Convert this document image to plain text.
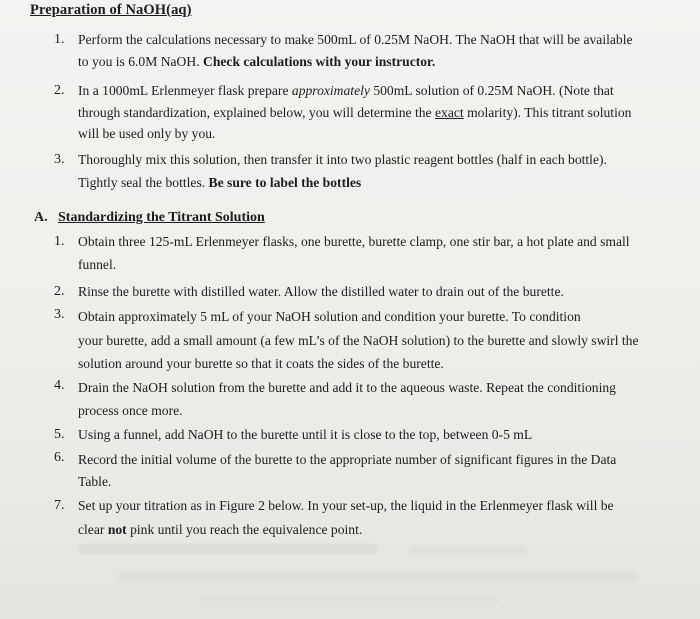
Preparation of NaOH(aq)
1. Perform the calculations necessary to make 500mL of 0.25M NaOH. The NaOH that will be available
to you is 6.0M NaOH. Check calculations with your instructor.
2. In a 1000mL Erlenmeyer flask prepare approximately 500mL solution of 0.25M NaOH. (Note that
through standardization, explained below, you will determine the exact molarity). This titrant solution
will be used only by you.
3. Thoroughly mix this solution, then transfer it into two plastic reagent bottles (half in each bottle).
Tightly seal the bottles. Be sure to label the bottles
A. Standardizing the Titrant Solution
1. Obtain three 125-mL Erlenmeyer flasks, one burette, burette clamp, one stir bar, a hot plate and small
funnel.
2. Rinse the burette with distilled water. Allow the distilled water to drain out of the burette.
3. Obtain approximately 5 mL of your NaOH solution and condition your burette. To condition
your burette, add a small amount (a few mL’s of the NaOH solution) to the burette and slowly swirl the
solution around your burette so that it coats the sides of the burette.
4. Drain the NaOH solution from the burette and add it to the aqueous waste. Repeat the conditioning
process once more.
5. Using a funnel, add NaOH to the burette until it is close to the top, between 0-5 mL
6. Record the initial volume of the burette to the appropriate number of significant figures in the Data
Table.
7. Set up your titration as in Figure 2 below. In your set-up, the liquid in the Erlenmeyer flask will be
clear not pink until you reach the equivalence point.
